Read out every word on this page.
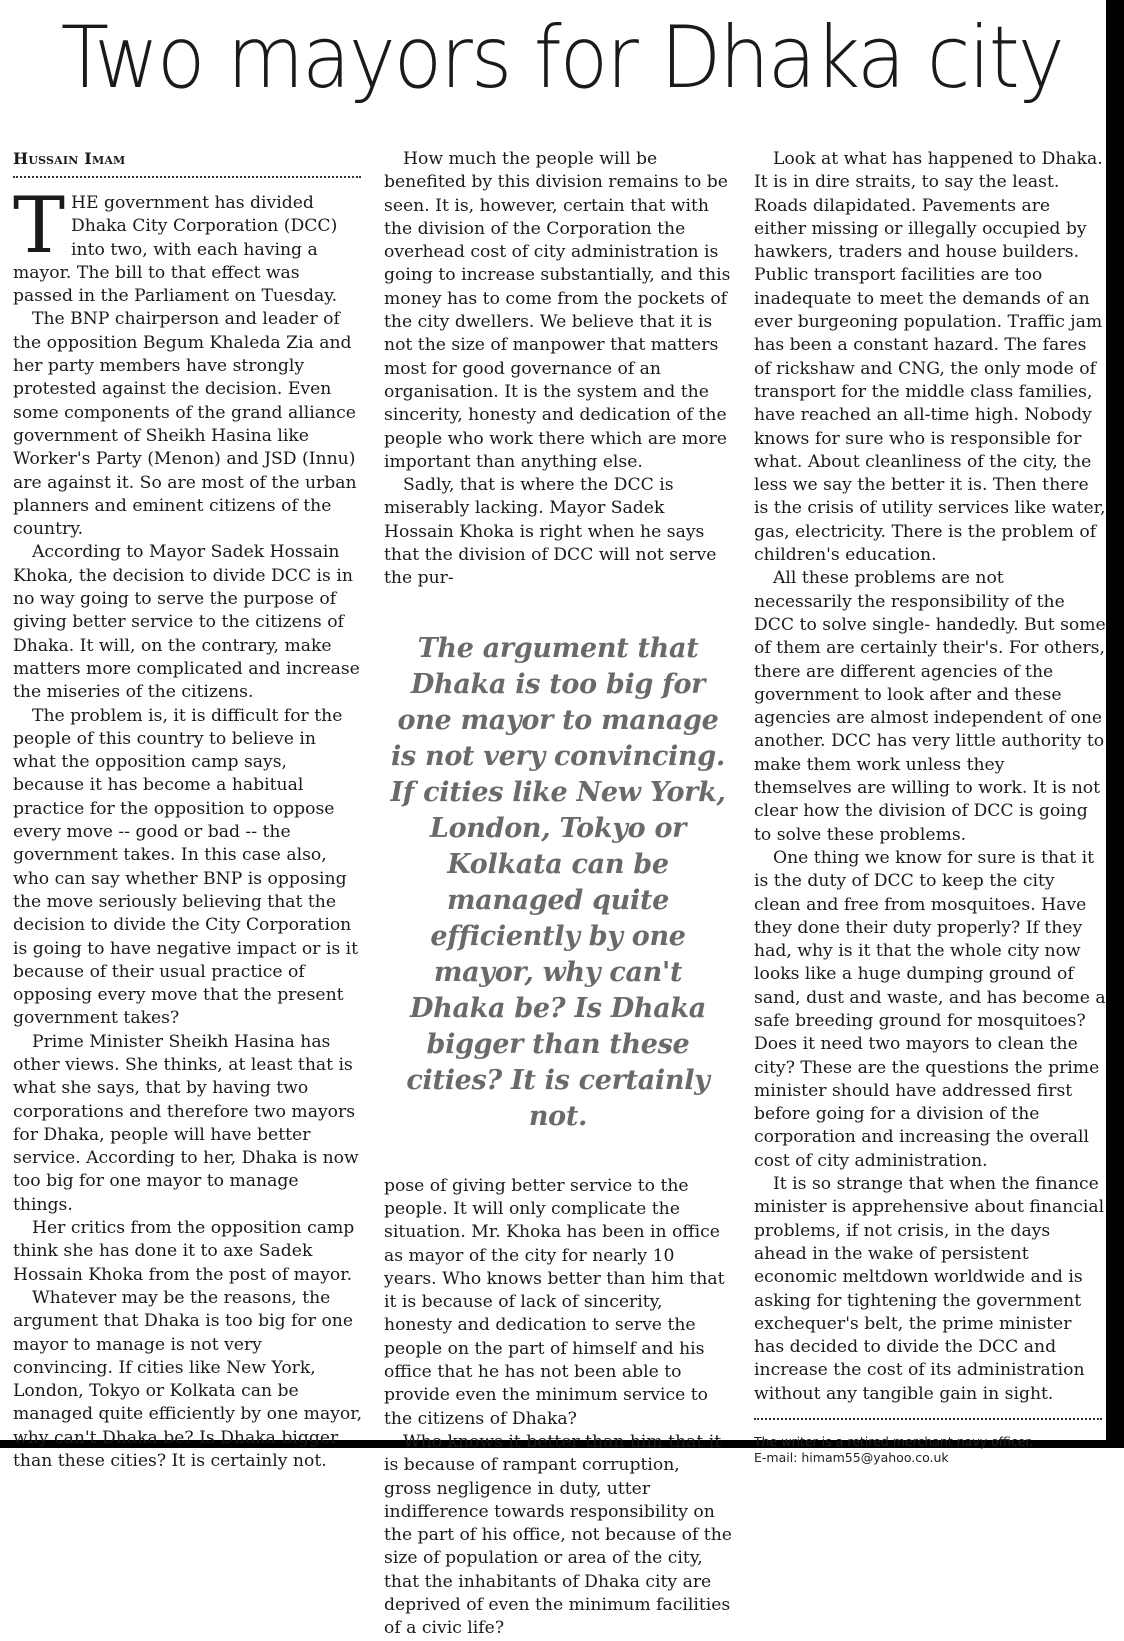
Two mayors for Dhaka city
Hussain Imam

THE government has divided Dhaka City Corporation (DCC) into two, with each having a mayor. The bill to that effect was passed in the Parliament on Tuesday.

The BNP chairperson and leader of the opposition Begum Khaleda Zia and her party members have strongly protested against the decision. Even some components of the grand alliance government of Sheikh Hasina like Worker's Party (Menon) and JSD (Innu) are against it. So are most of the urban planners and eminent citizens of the country.

According to Mayor Sadek Hossain Khoka, the decision to divide DCC is in no way going to serve the purpose of giving better service to the citizens of Dhaka. It will, on the contrary, make matters more complicated and increase the miseries of the citizens.

The problem is, it is difficult for the people of this country to believe in what the opposition camp says, because it has become a habitual practice for the opposition to oppose every move -- good or bad -- the government takes. In this case also, who can say whether BNP is opposing the move seriously believing that the decision to divide the City Corporation is going to have negative impact or is it because of their usual practice of opposing every move that the present government takes?

Prime Minister Sheikh Hasina has other views. She thinks, at least that is what she says, that by having two corporations and therefore two mayors for Dhaka, people will have better service. According to her, Dhaka is now too big for one mayor to manage things.

Her critics from the opposition camp think she has done it to axe Sadek Hossain Khoka from the post of mayor.

Whatever may be the reasons, the argument that Dhaka is too big for one mayor to manage is not very convincing. If cities like New York, London, Tokyo or Kolkata can be managed quite efficiently by one mayor, why can't Dhaka be? Is Dhaka bigger than these cities? It is certainly not.

How much the people will be benefited by this division remains to be seen. It is, however, certain that with the division of the Corporation the overhead cost of city administration is going to increase substantially, and this money has to come from the pockets of the city dwellers. We believe that it is not the size of manpower that matters most for good governance of an organisation. It is the system and the sincerity, honesty and dedication of the people who work there which are more important than anything else.

Sadly, that is where the DCC is miserably lacking. Mayor Sadek Hossain Khoka is right when he says that the division of DCC will not serve the pur-

The argument that Dhaka is too big for one mayor to manage is not very convincing. If cities like New York, London, Tokyo or Kolkata can be managed quite efficiently by one mayor, why can't Dhaka be? Is Dhaka bigger than these cities? It is certainly not.

pose of giving better service to the people. It will only complicate the situation. Mr. Khoka has been in office as mayor of the city for nearly 10 years. Who knows better than him that it is because of lack of sincerity, honesty and dedication to serve the people on the part of himself and his office that he has not been able to provide even the minimum service to the citizens of Dhaka?

Who knows it better than him that it is because of rampant corruption, gross negligence in duty, utter indifference towards responsibility on the part of his office, not because of the size of population or area of the city, that the inhabitants of Dhaka city are deprived of even the minimum facilities of a civic life?

Look at what has happened to Dhaka. It is in dire straits, to say the least. Roads dilapidated. Pavements are either missing or illegally occupied by hawkers, traders and house builders. Public transport facilities are too inadequate to meet the demands of an ever burgeoning population. Traffic jam has been a constant hazard. The fares of rickshaw and CNG, the only mode of transport for the middle class families, have reached an all-time high. Nobody knows for sure who is responsible for what. About cleanliness of the city, the less we say the better it is. Then there is the crisis of utility services like water, gas, electricity. There is the problem of children's education.

All these problems are not necessarily the responsibility of the DCC to solve single- handedly. But some of them are certainly their's. For others, there are different agencies of the government to look after and these agencies are almost independent of one another. DCC has very little authority to make them work unless they themselves are willing to work. It is not clear how the division of DCC is going to solve these problems.

One thing we know for sure is that it is the duty of DCC to keep the city clean and free from mosquitoes. Have they done their duty properly? If they had, why is it that the whole city now looks like a huge dumping ground of sand, dust and waste, and has become a safe breeding ground for mosquitoes? Does it need two mayors to clean the city? These are the questions the prime minister should have addressed first before going for a division of the corporation and increasing the overall cost of city administration.

It is so strange that when the finance minister is apprehensive about financial problems, if not crisis, in the days ahead in the wake of persistent economic meltdown worldwide and is asking for tightening the government exchequer's belt, the prime minister has decided to divide the DCC and increase the cost of its administration without any tangible gain in sight.

The writer is a retired merchant navy officer.
E-mail: himam55@yahoo.co.uk
